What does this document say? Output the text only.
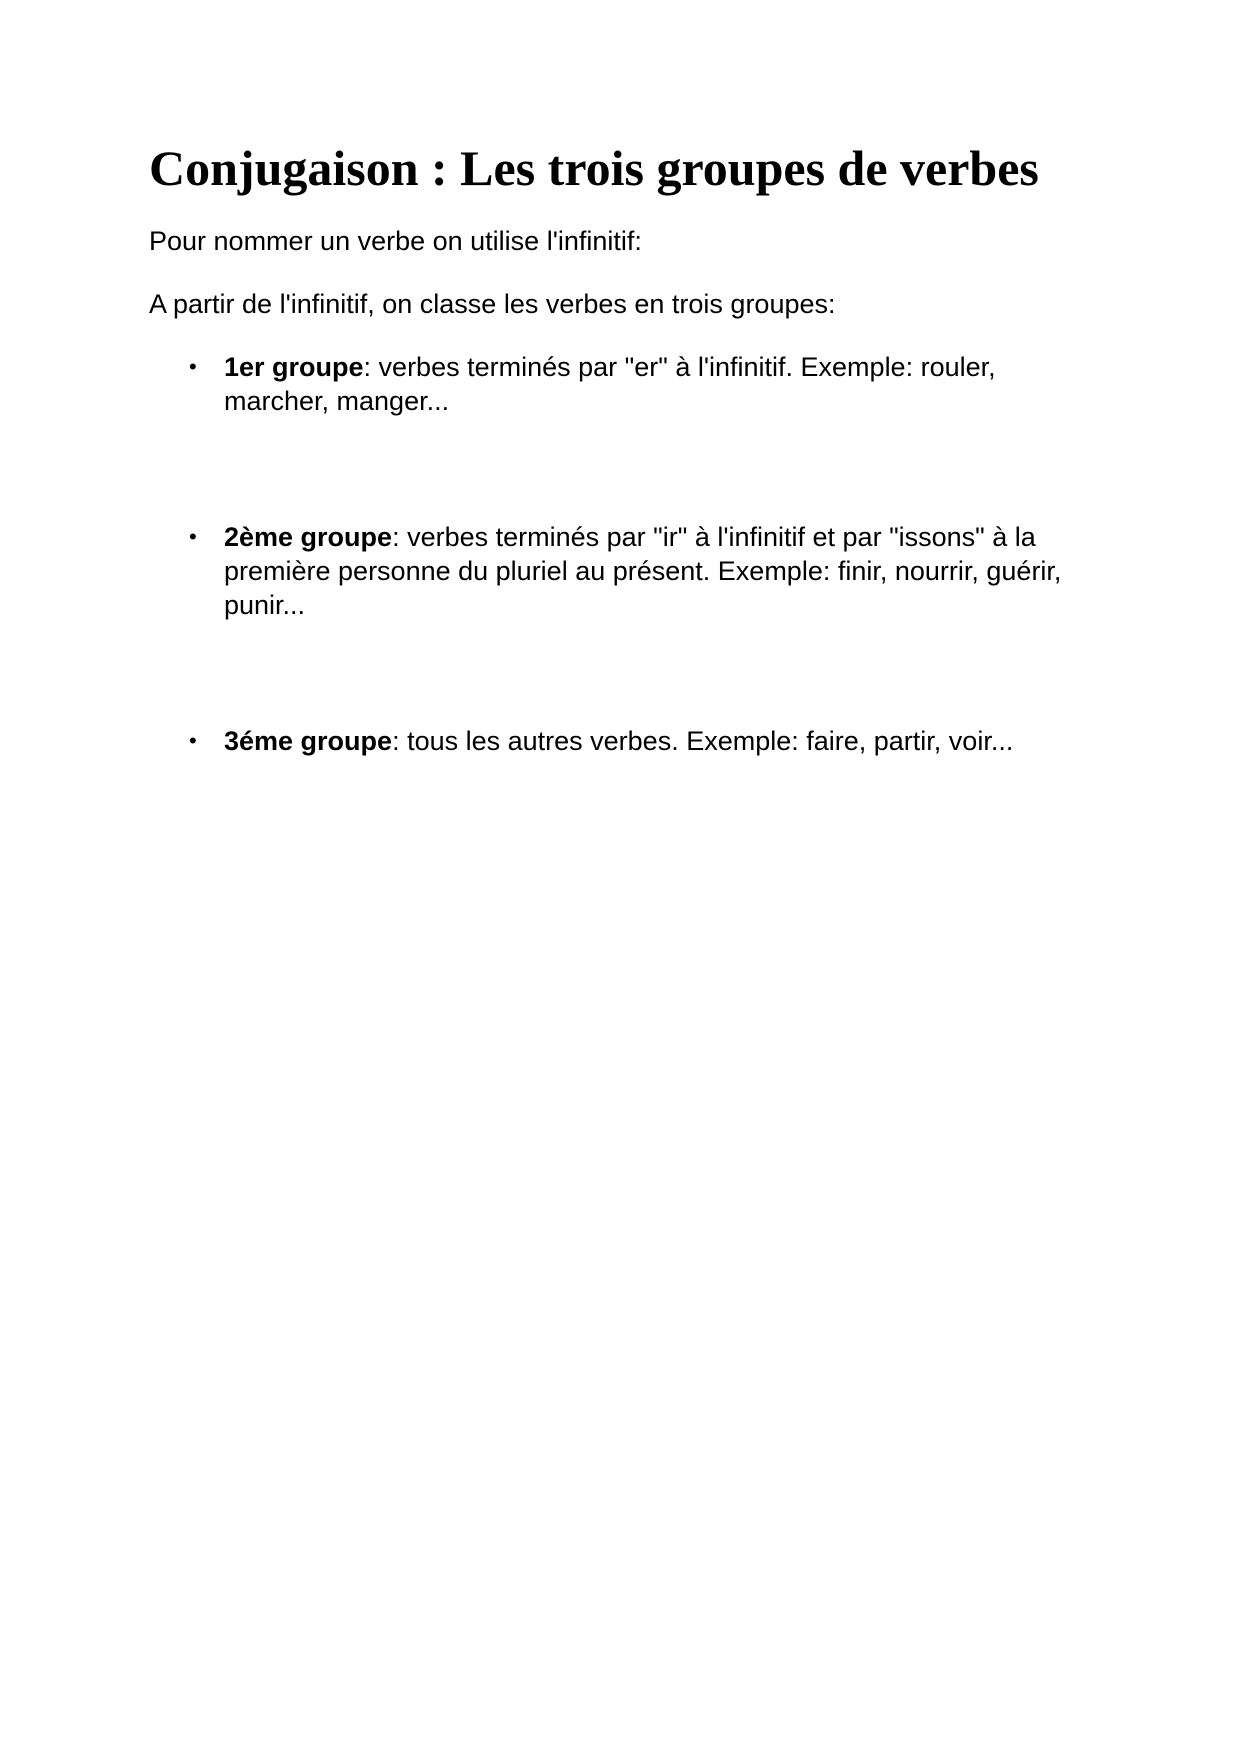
Conjugaison : Les trois groupes de verbes

Pour nommer un verbe on utilise l'infinitif:

A partir de l'infinitif, on classe les verbes en trois groupes:

• 1er groupe: verbes terminés par "er" à l'infinitif. Exemple: rouler, marcher, manger...
• 2ème groupe: verbes terminés par "ir" à l'infinitif et par "issons" à la première personne du pluriel au présent. Exemple: finir, nourrir, guérir, punir...
• 3éme groupe: tous les autres verbes. Exemple: faire, partir, voir...
